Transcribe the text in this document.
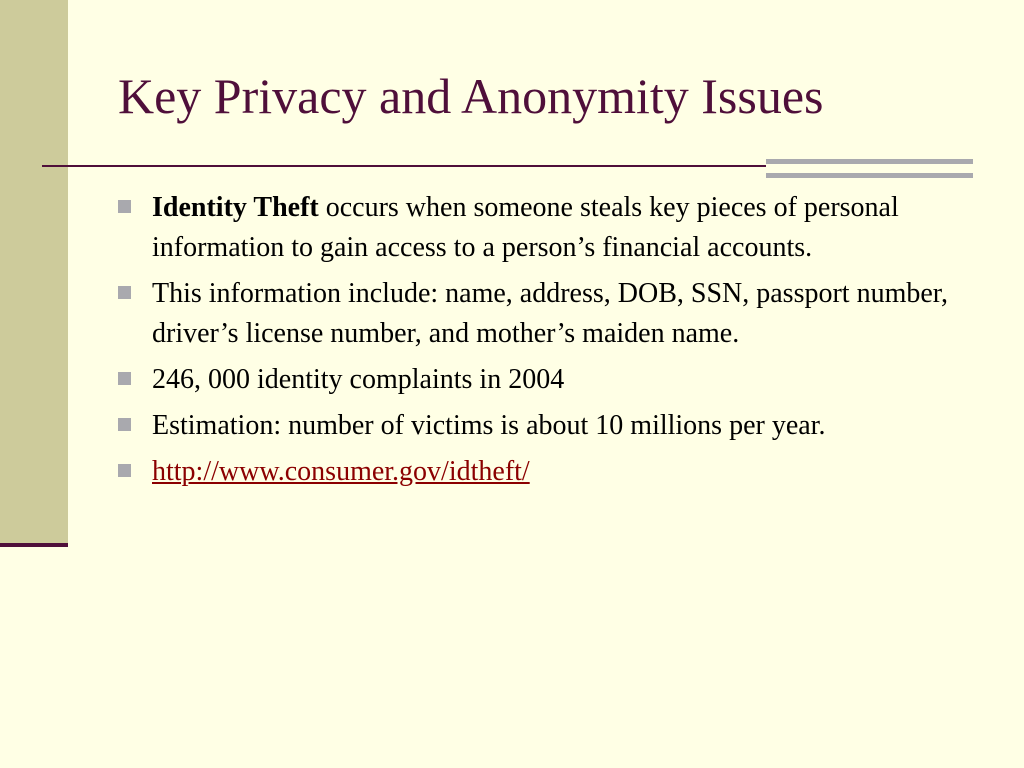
Key Privacy and Anonymity Issues
Identity Theft occurs when someone steals key pieces of personal information to gain access to a person’s financial accounts.
This information include: name, address, DOB, SSN, passport number, driver’s license number, and mother’s maiden name.
246, 000 identity complaints in 2004
Estimation: number of victims is about 10 millions per year.
http://www.consumer.gov/idtheft/
